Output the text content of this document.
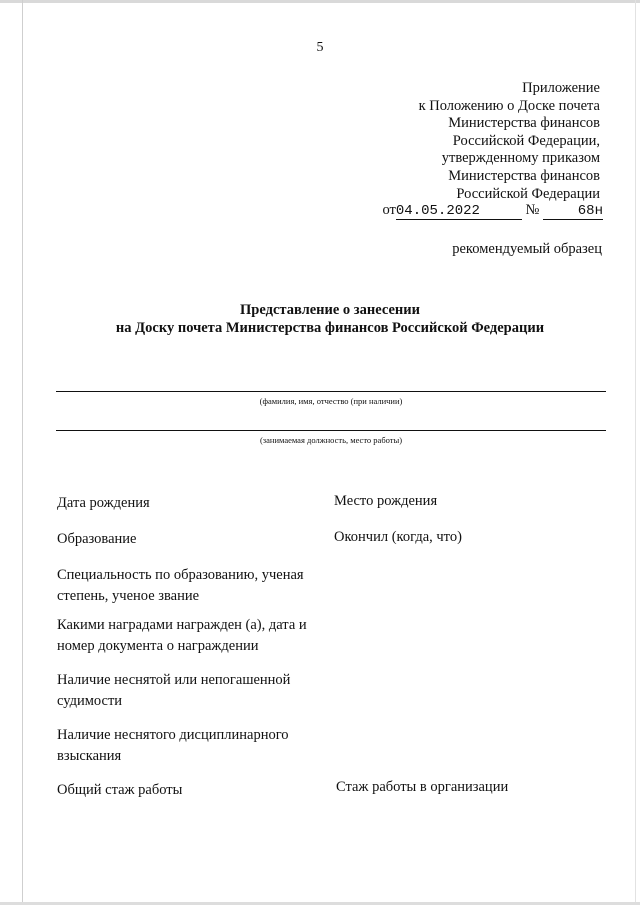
5
Приложение
к Положению о Доске почета
Министерства финансов
Российской Федерации,
утвержденному приказом
Министерства финансов
Российской Федерации
от04.05.2022	№	68н
рекомендуемый образец
Представление о занесении
на Доску почета Министерства финансов Российской Федерации
(фамилия, имя, отчество (при наличии)
(занимаемая должность, место работы)
Дата рождения	Место рождения
Образование	Окончил (когда, что)
Специальность по образованию, ученая
степень, ученое звание
Какими наградами награжден (а), дата и
номер документа о награждении
Наличие неснятой или непогашенной
судимости
Наличие неснятого дисциплинарного
взыскания
Общий стаж работы	Стаж работы в организации
